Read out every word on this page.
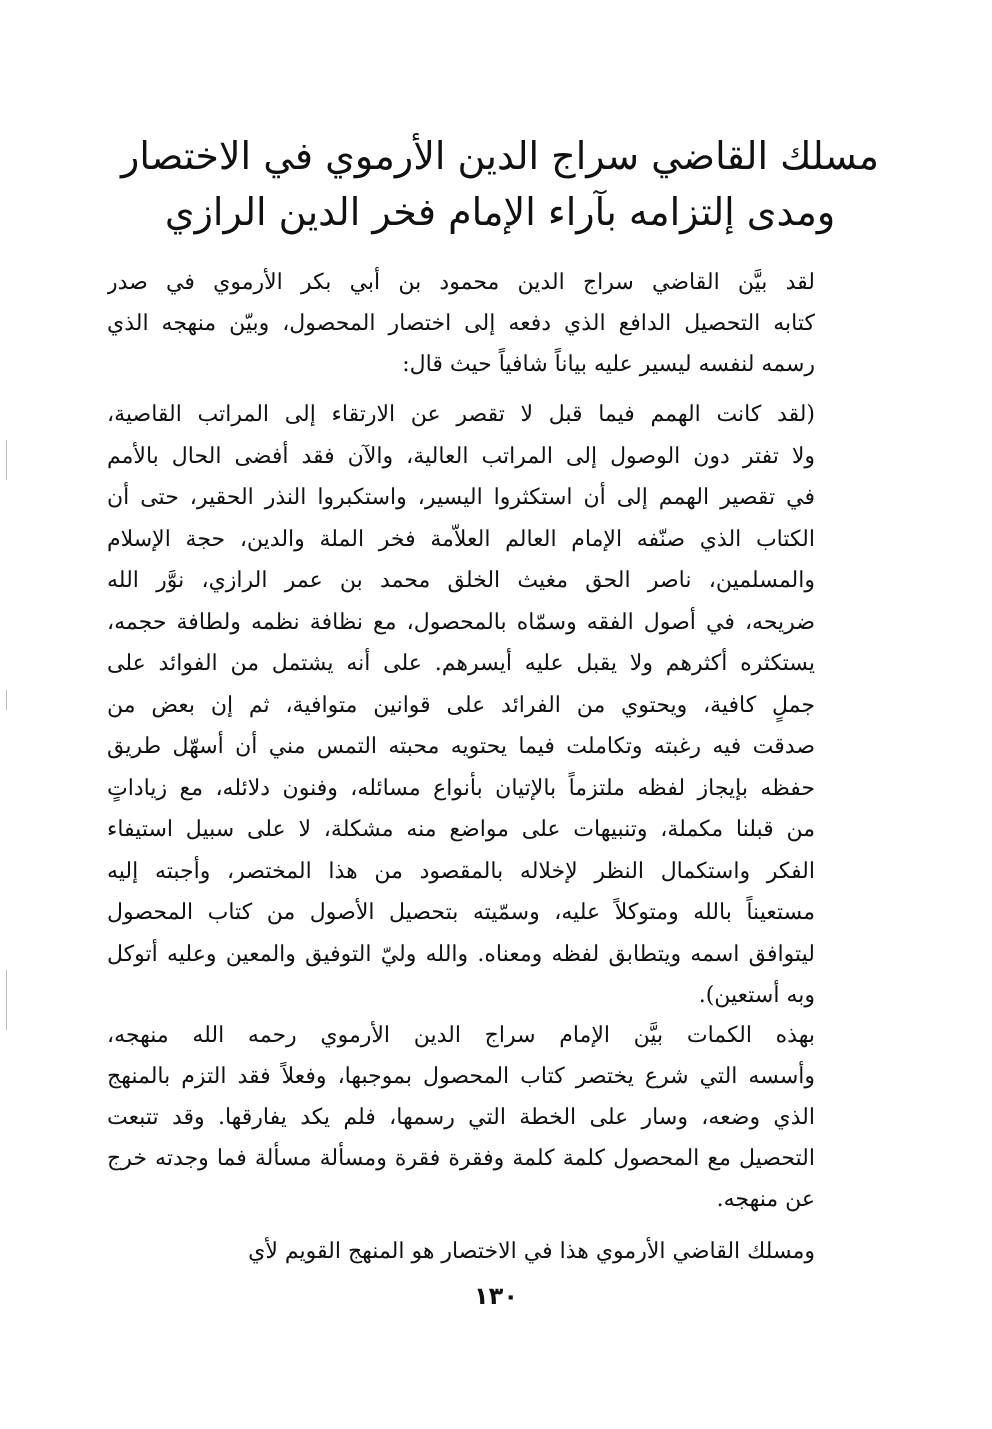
مسلك القاضي سراج الدين الأرموي في الاختصار
ومدى إلتزامه بآراء الإمام فخر الدين الرازي
لقد بيَّن القاضي سراج الدين محمود بن أبي بكر الأرموي في صدر
كتابه التحصيل الدافع الذي دفعه إلى اختصار المحصول، وبيّن منهجه الذي
رسمه لنفسه ليسير عليه بياناً شافياً حيث قال:
(لقد كانت الهمم فيما قبل لا تقصر عن الارتقاء إلى المراتب القاصية،
ولا تفتر دون الوصول إلى المراتب العالية، والآن فقد أفضى الحال بالأمم
في تقصير الهمم إلى أن استكثروا اليسير، واستكبروا النذر الحقير، حتى أن
الكتاب الذي صنّفه الإمام العالم العلاّمة فخر الملة والدين، حجة الإسلام
والمسلمين، ناصر الحق مغيث الخلق محمد بن عمر الرازي، نوَّر الله
ضريحه، في أصول الفقه وسمّاه بالمحصول، مع نظافة نظمه ولطافة حجمه،
يستكثره أكثرهم ولا يقبل عليه أيسرهم. على أنه يشتمل من الفوائد على
جملٍ كافية، ويحتوي من الفرائد على قوانين متوافية، ثم إن بعض من
صدقت فيه رغبته وتكاملت فيما يحتويه محبته التمس مني أن أسهّل طريق
حفظه بإيجاز لفظه ملتزماً بالإتيان بأنواع مسائله، وفنون دلائله، مع زياداتٍ
من قبلنا مكملة، وتنبيهات على مواضع منه مشكلة، لا على سبيل استيفاء
الفكر واستكمال النظر لإخلاله بالمقصود من هذا المختصر، وأجبته إليه
مستعيناً بالله ومتوكلاً عليه، وسمّيته بتحصيل الأصول من كتاب المحصول
ليتوافق اسمه ويتطابق لفظه ومعناه. والله وليّ التوفيق والمعين وعليه أتوكل
وبه أستعين).
بهذه الكمات بيَّن الإمام سراج الدين الأرموي رحمه الله منهجه،
وأسسه التي شرع يختصر كتاب المحصول بموجبها، وفعلاً فقد التزم بالمنهج
الذي وضعه، وسار على الخطة التي رسمها، فلم يكد يفارقها. وقد تتبعت
التحصيل مع المحصول كلمة كلمة وفقرة فقرة ومسألة مسألة فما وجدته خرج
عن منهجه.
ومسلك القاضي الأرموي هذا في الاختصار هو المنهج القويم لأي
١٣٠
